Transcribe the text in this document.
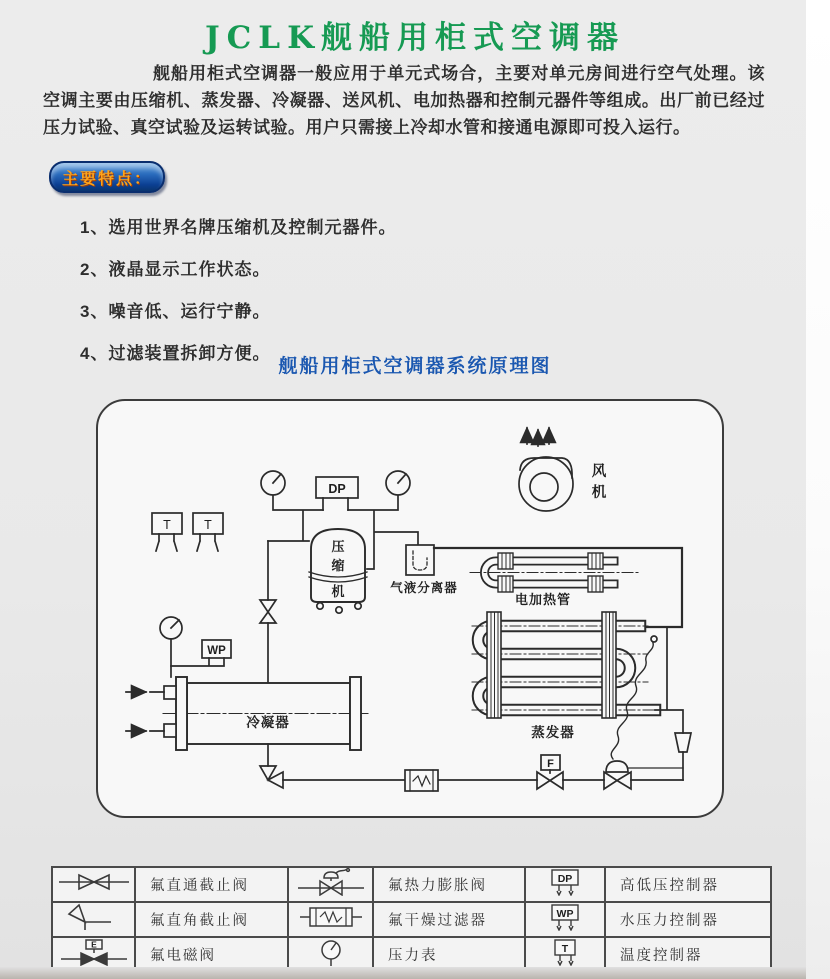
JCLK舰船用柜式空调器

舰船用柜式空调器一般应用于单元式场合，主要对单元房间进行空气处理。该空调主要由压缩机、蒸发器、冷凝器、送风机、电加热器和控制元器件等组成。出厂前已经过压力试验、真空试验及运转试验。用户只需接上冷却水管和接通电源即可投入运行。

主要特点：
1、选用世界名牌压缩机及控制元器件。
2、液晶显示工作状态。
3、噪音低、运行宁静。
4、过滤装置拆卸方便。
舰船用柜式空调器系统原理图
风
机
T	T
DP
压
缩
机	气液分离器
电加热管
蒸发器
冷凝器
WP
F
	氟直通截止阀		氟热力膨胀阀	DP	高低压控制器
	氟直角截止阀		氟干燥过滤器	WP	水压力控制器

E	氟电磁阀		压力表	T	温度控制器
